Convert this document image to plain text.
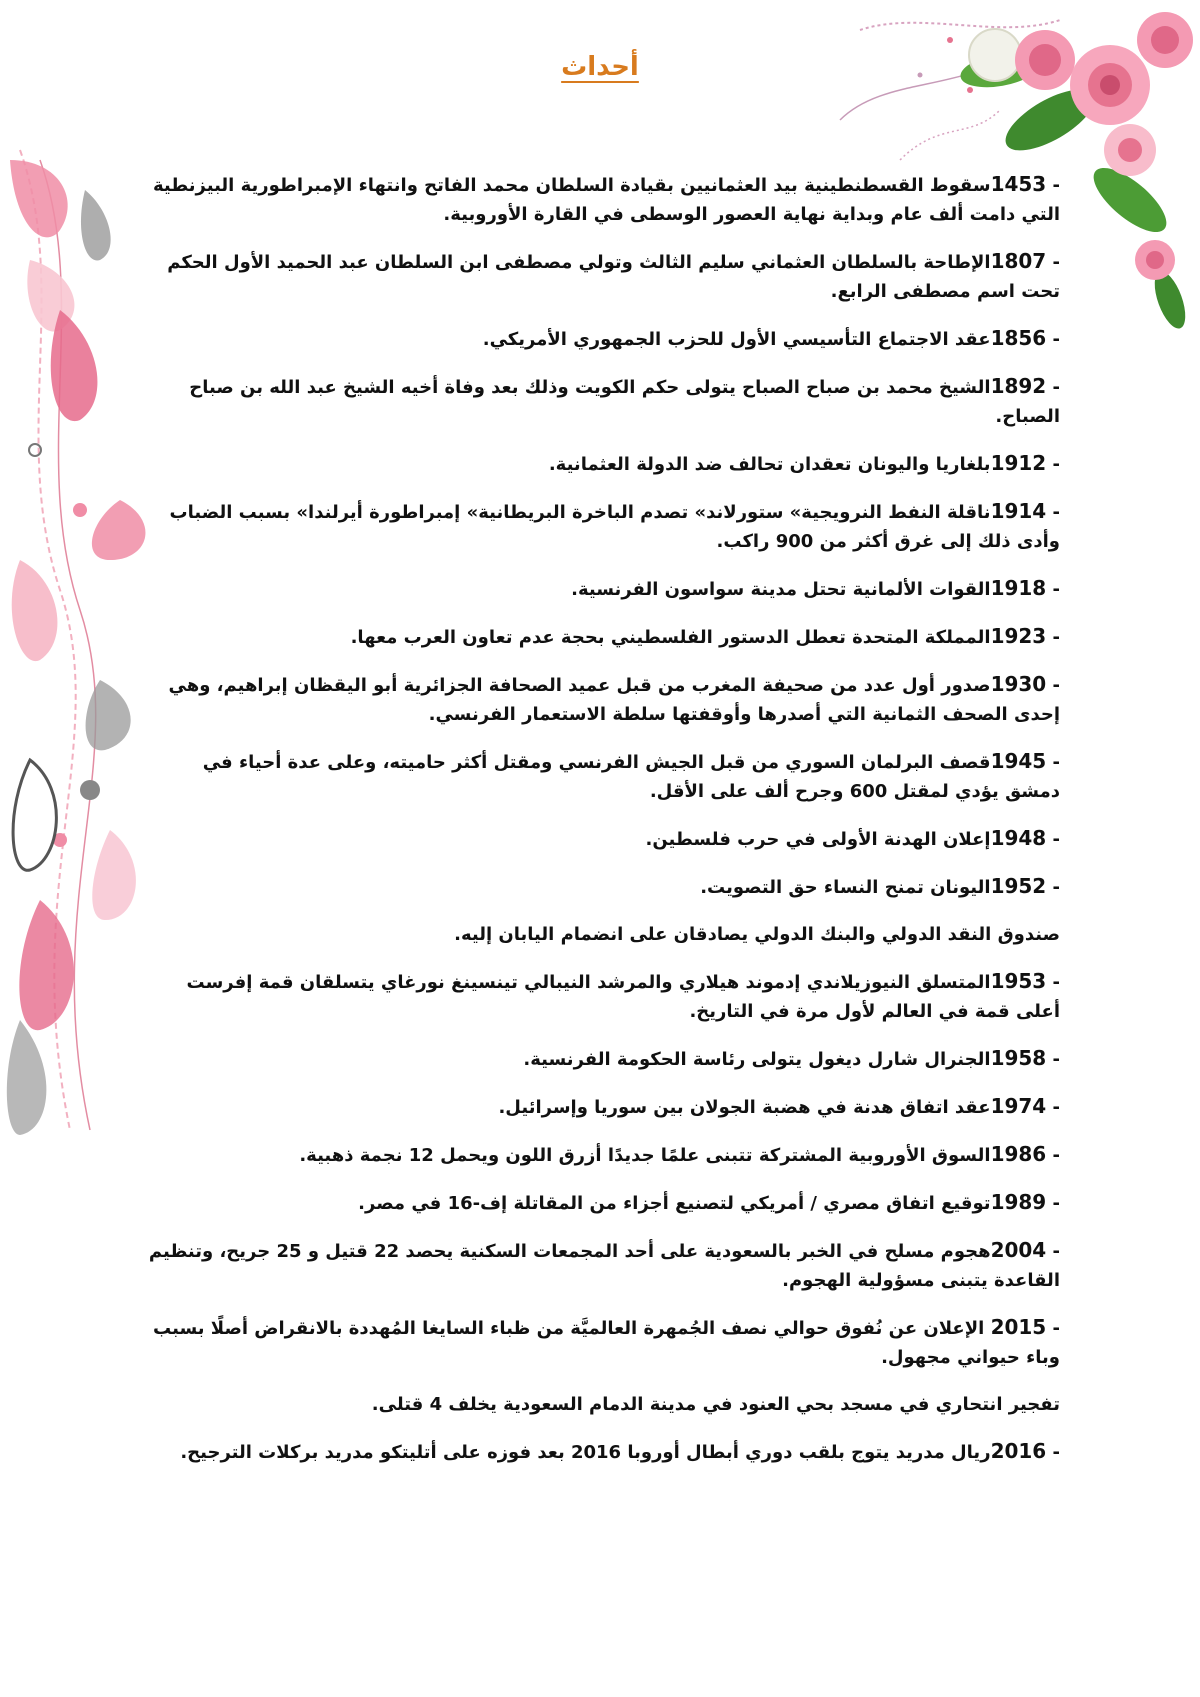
أحداث
- 1453سقوط القسطنطينية بيد العثمانيين بقيادة السلطان محمد الفاتح وانتهاء الإمبراطورية البيزنطية التي دامت ألف عام وبداية نهاية العصور الوسطى في القارة الأوروبية.
- 1807الإطاحة بالسلطان العثماني سليم الثالث وتولي مصطفى ابن السلطان عبد الحميد الأول الحكم تحت اسم مصطفى الرابع.
- 1856عقد الاجتماع التأسيسي الأول للحزب الجمهوري الأمريكي.
- 1892الشيخ محمد بن صباح الصباح يتولى حكم الكويت وذلك بعد وفاة أخيه الشيخ عبد الله بن صباح الصباح.
- 1912بلغاريا واليونان تعقدان تحالف ضد الدولة العثمانية.
- 1914ناقلة النفط النرويجية» ستورلاند» تصدم الباخرة البريطانية» إمبراطورة أيرلندا» بسبب الضباب وأدى ذلك إلى غرق أكثر من 900 راكب.
- 1918القوات الألمانية تحتل مدينة سواسون الفرنسية.
- 1923المملكة المتحدة تعطل الدستور الفلسطيني بحجة عدم تعاون العرب معها.
- 1930صدور أول عدد من صحيفة المغرب من قبل عميد الصحافة الجزائرية أبو اليقظان إبراهيم، وهي إحدى الصحف الثمانية التي أصدرها وأوقفتها سلطة الاستعمار الفرنسي.
- 1945قصف البرلمان السوري من قبل الجيش الفرنسي ومقتل أكثر حاميته، وعلى عدة أحياء في دمشق يؤدي لمقتل 600 وجرح ألف على الأقل.
- 1948إعلان الهدنة الأولى في حرب فلسطين.
- 1952اليونان تمنح النساء حق التصويت.
صندوق النقد الدولي والبنك الدولي يصادقان على انضمام اليابان إليه.
- 1953المتسلق النيوزيلاندي إدموند هيلاري والمرشد النيبالي تينسينغ نورغاي يتسلقان قمة إفرست أعلى قمة في العالم لأول مرة في التاريخ.
- 1958الجنرال شارل ديغول يتولى رئاسة الحكومة الفرنسية.
- 1974عقد اتفاق هدنة في هضبة الجولان بين سوريا وإسرائيل.
- 1986السوق الأوروبية المشتركة تتبنى علمًا جديدًا أزرق اللون ويحمل 12 نجمة ذهبية.
- 1989توقيع اتفاق مصري / أمريكي لتصنيع أجزاء من المقاتلة إف-16 في مصر.
- 2004هجوم مسلح في الخبر بالسعودية على أحد المجمعات السكنية يحصد 22 قتيل و 25 جريح، وتنظيم القاعدة يتبنى مسؤولية الهجوم.
- 2015 الإعلان عن نُفوق حوالي نصف الجُمهرة العالميَّة من ظباء السايغا المُهددة بالانقراض أصلًا بسبب وباء حيواني مجهول.
تفجير انتحاري في مسجد بحي العنود في مدينة الدمام السعودية يخلف 4 قتلى.
- 2016ريال مدريد يتوج بلقب دوري أبطال أوروبا 2016 بعد فوزه على أتليتكو مدريد بركلات الترجيح.
